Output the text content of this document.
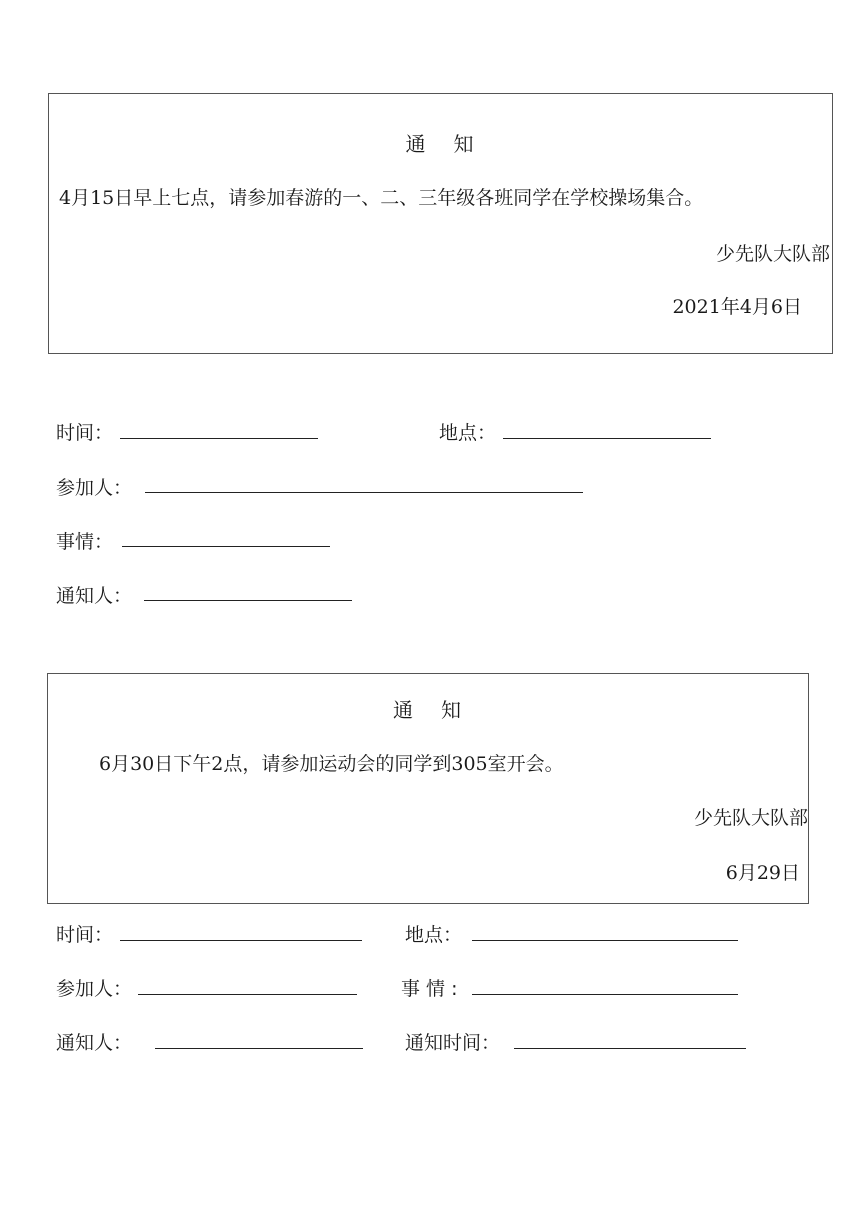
通 知
4月15日早上七点，请参加春游的一、二、三年级各班同学在学校操场集合。
少先队大队部
2021年4月6日
时间：	地点：
参加人：
事情：
通知人：
通 知
6月30日下午2点，请参加运动会的同学到305室开会。
少先队大队部
6月29日
时间：	地点：
参加人：	事 情 :
通知人：	通知时间：
